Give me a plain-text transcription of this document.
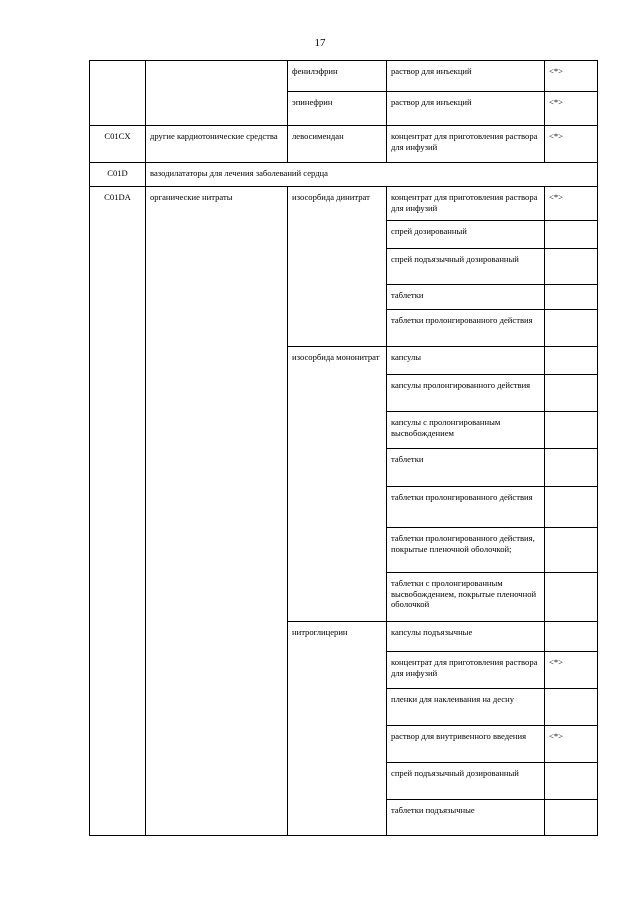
17
		фенилэфрин	раствор для инъекций	<*>
		эпинефрин	раствор для инъекций	<*>
C01CX	другие кардиотонические средства	левосимендан	концентрат для приготовления раствора для инфузий	<*>
C01D	вазодилататоры для лечения заболеваний сердца			
C01DA	органические нитраты	изосорбида динитрат	концентрат для приготовления раствора для инфузий	<*>
			спрей дозированный	
			спрей подъязычный дозированный	
			таблетки	
			таблетки пролонгированного действия	
		изосорбида мононитрат	капсулы	
			капсулы пролонгированного действия	
			капсулы с пролонгированным высвобождением	
			таблетки	
			таблетки пролонгированного действия	
			таблетки пролонгированного действия, покрытые пленочной оболочкой;	
			таблетки с пролонгированным высвобождением, покрытые пленочной оболочкой	
		нитроглицерин	капсулы подъязычные	
			концентрат для приготовления раствора для инфузий	<*>
			пленки для наклеивания на десну	
			раствор для внутривенного введения	<*>
			спрей подъязычный дозированный	
			таблетки подъязычные	
